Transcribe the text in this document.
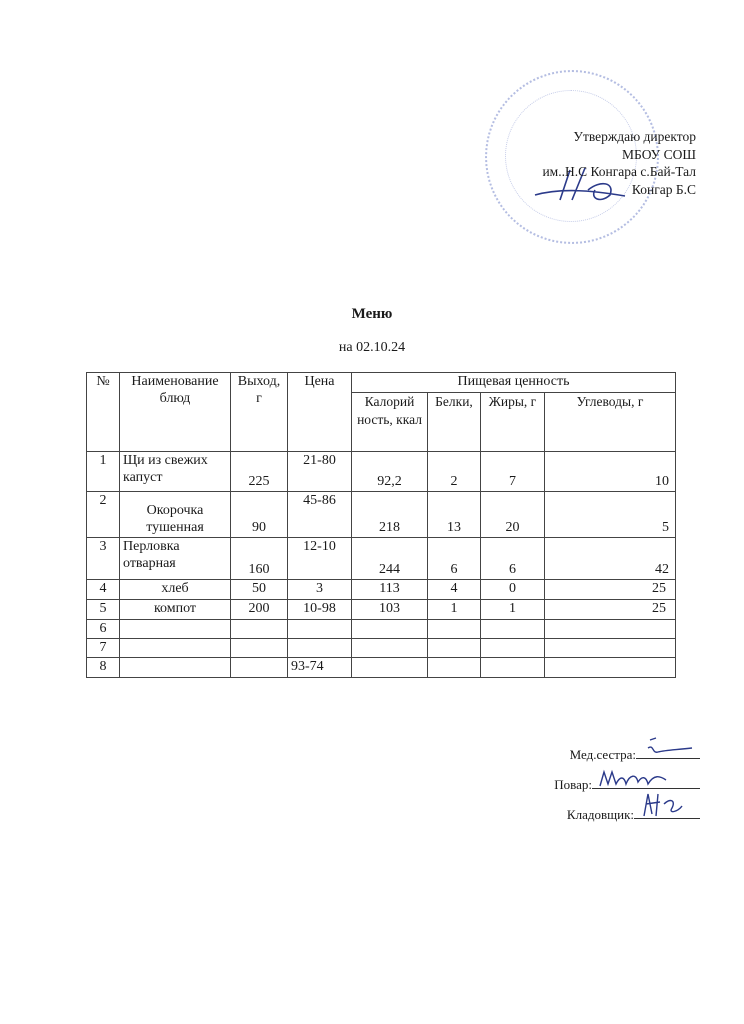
Утверждаю директор
МБОУ СОШ
им..Н.С Конгара с.Бай-Тал
Конгар Б.С
Меню
на 02.10.24
№	Наименование блюд	Выход, г	Цена	Пищевая ценность			
				Калорий ность, ккал	Белки,	Жиры, г	Углеводы, г
1	Щи из свежих капуст	225	21-80	92,2	2	7	10

2	Окорочка тушенная	90	45-86	218	13	20	5

3	Перловка отварная	160	12-10	244	6	6	42

4	хлеб	50	3	113	4	0	25
5	компот	200	10-98	103	1	1	25
6							
7							
8			93-74				
Мед.сестра:
Повар:
Кладовщик:
